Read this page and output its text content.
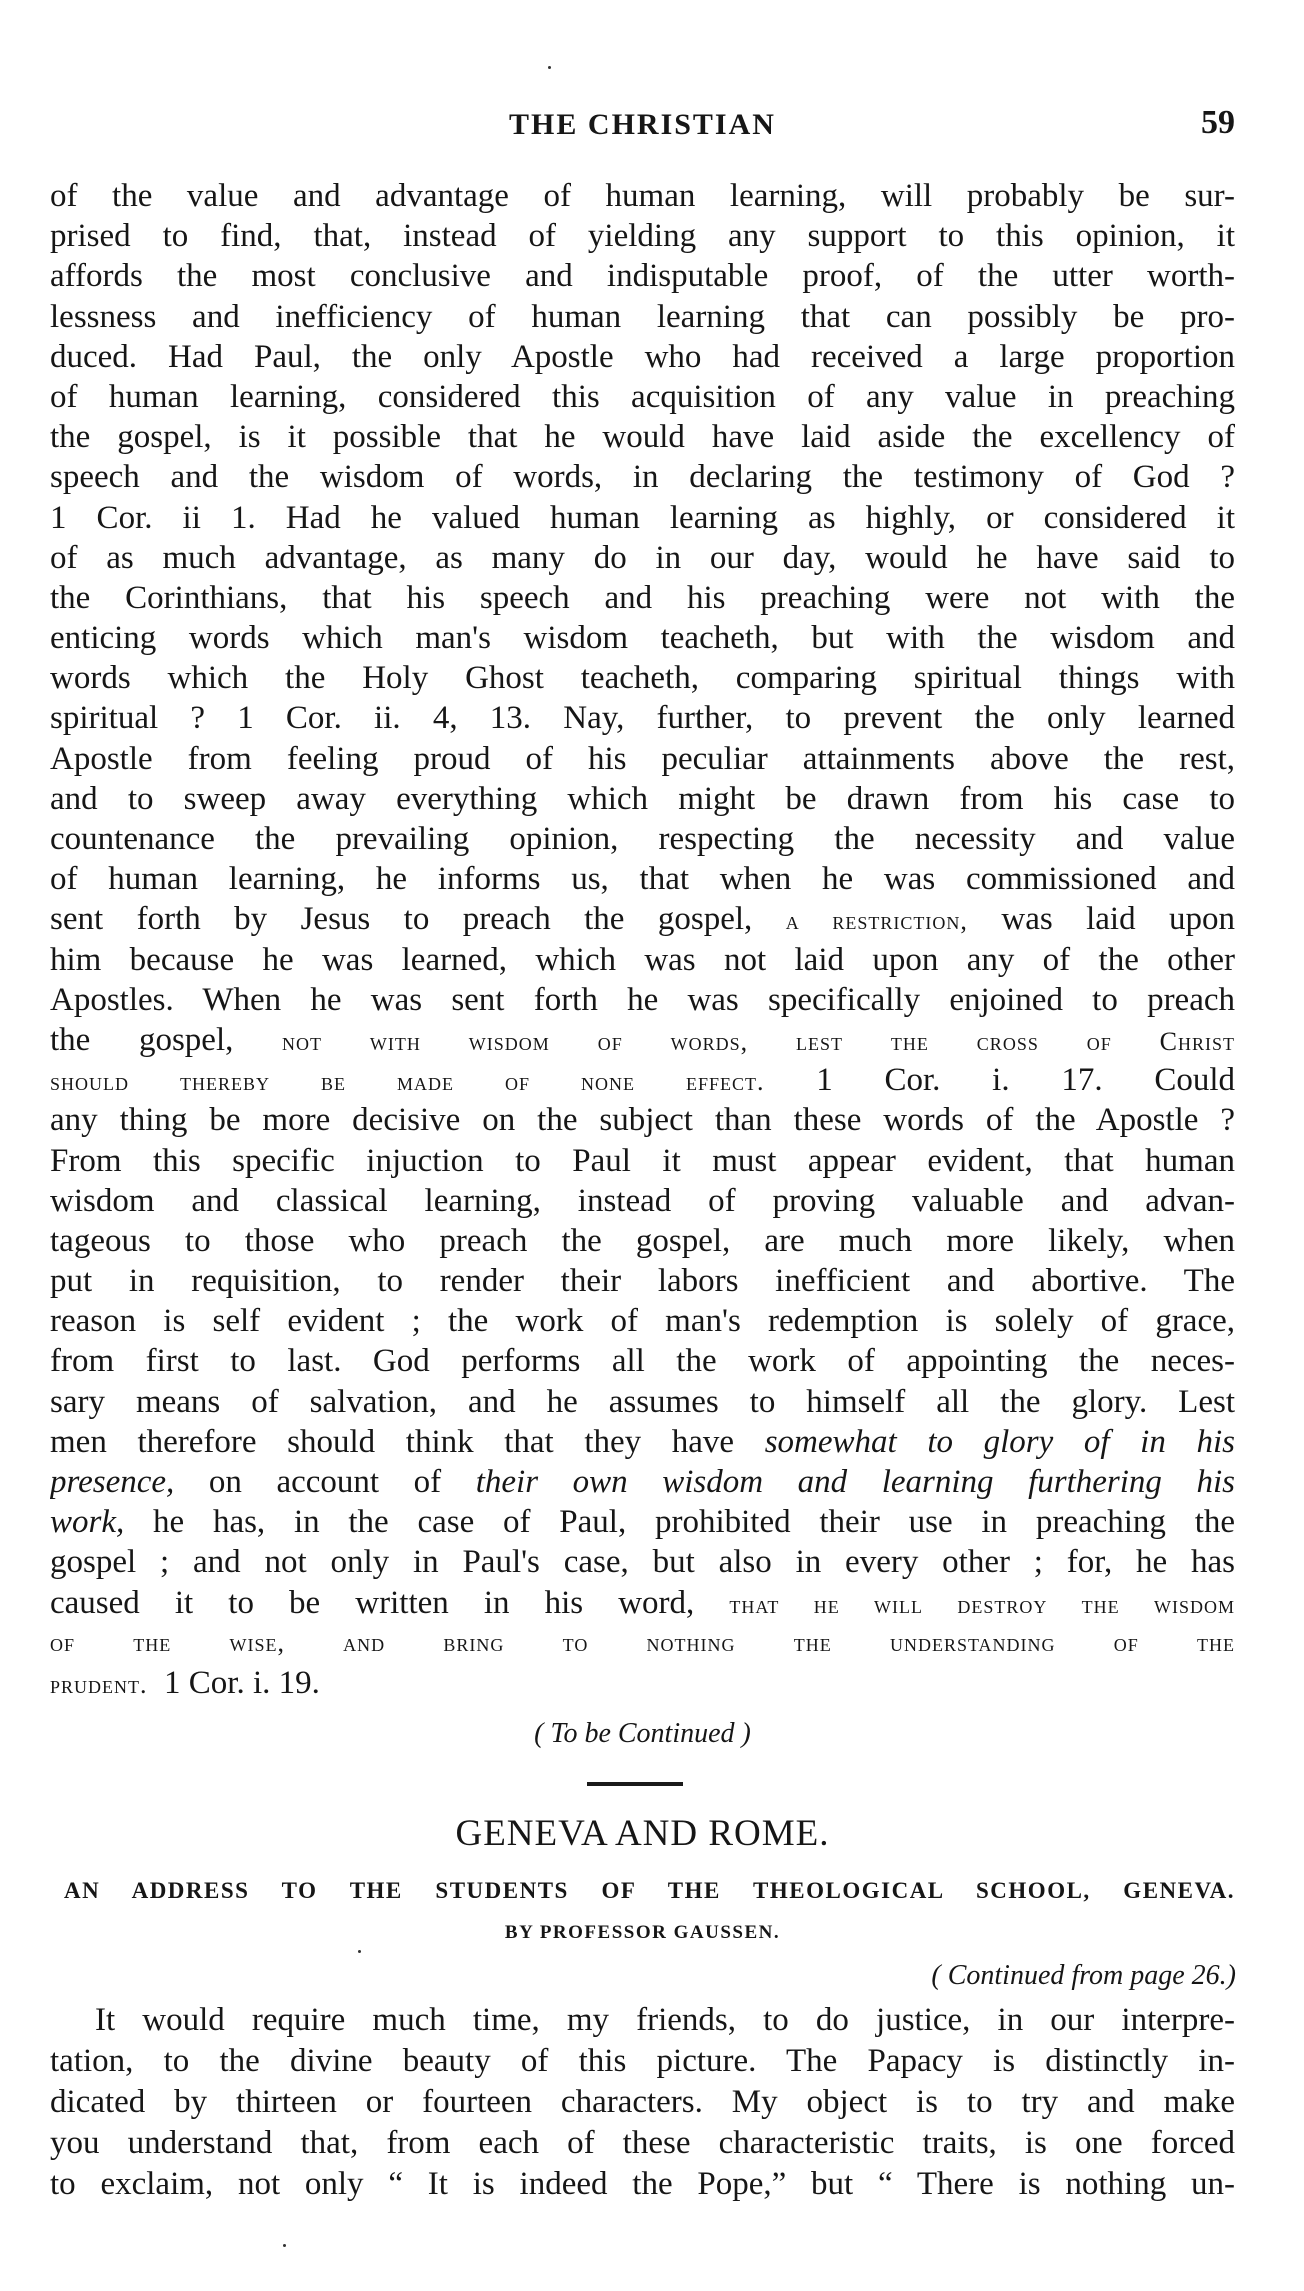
THE CHRISTIAN	59
of the value and advantage of human learning, will probably be sur-
prised to find, that, instead of yielding any support to this opinion, it
affords the most conclusive and indisputable proof, of the utter worth-
lessness and inefficiency of human learning that can possibly be pro-
duced. Had Paul, the only Apostle who had received a large proportion
of human learning, considered this acquisition of any value in preaching
the gospel, is it possible that he would have laid aside the excellency of
speech and the wisdom of words, in declaring the testimony of God ?
1 Cor. ii 1. Had he valued human learning as highly, or considered it
of as much advantage, as many do in our day, would he have said to
the Corinthians, that his speech and his preaching were not with the
enticing words which man's wisdom teacheth, but with the wisdom and
words which the Holy Ghost teacheth, comparing spiritual things with
spiritual ? 1 Cor. ii. 4, 13. Nay, further, to prevent the only learned
Apostle from feeling proud of his peculiar attainments above the rest,
and to sweep away everything which might be drawn from his case to
countenance the prevailing opinion, respecting the necessity and value
of human learning, he informs us, that when he was commissioned and
sent forth by Jesus to preach the gospel, a restriction, was laid upon
him because he was learned, which was not laid upon any of the other
Apostles. When he was sent forth he was specifically enjoined to preach
the gospel, not with wisdom of words, lest the cross of Christ
should thereby be made of none effect. 1 Cor. i. 17. Could
any thing be more decisive on the subject than these words of the Apostle ?
From this specific injuction to Paul it must appear evident, that human
wisdom and classical learning, instead of proving valuable and advan-
tageous to those who preach the gospel, are much more likely, when
put in requisition, to render their labors inefficient and abortive. The
reason is self evident ; the work of man's redemption is solely of grace,
from first to last. God performs all the work of appointing the neces-
sary means of salvation, and he assumes to himself all the glory. Lest
men therefore should think that they have somewhat to glory of in his
presence, on account of their own wisdom and learning furthering his
work, he has, in the case of Paul, prohibited their use in preaching the
gospel ; and not only in Paul's case, but also in every other ; for, he has
caused it to be written in his word, that he will destroy the wisdom
of the wise, and bring to nothing the understanding of the
prudent. 1 Cor. i. 19.
( To be Continued )
GENEVA AND ROME.
AN ADDRESS TO THE STUDENTS OF THE THEOLOGICAL SCHOOL, GENEVA.
BY PROFESSOR GAUSSEN.
( Continued from page 26.)
It would require much time, my friends, to do justice, in our interpre-
tation, to the divine beauty of this picture. The Papacy is distinctly in-
dicated by thirteen or fourteen characters. My object is to try and make
you understand that, from each of these characteristic traits, is one forced
to exclaim, not only “ It is indeed the Pope,” but “ There is nothing un-
